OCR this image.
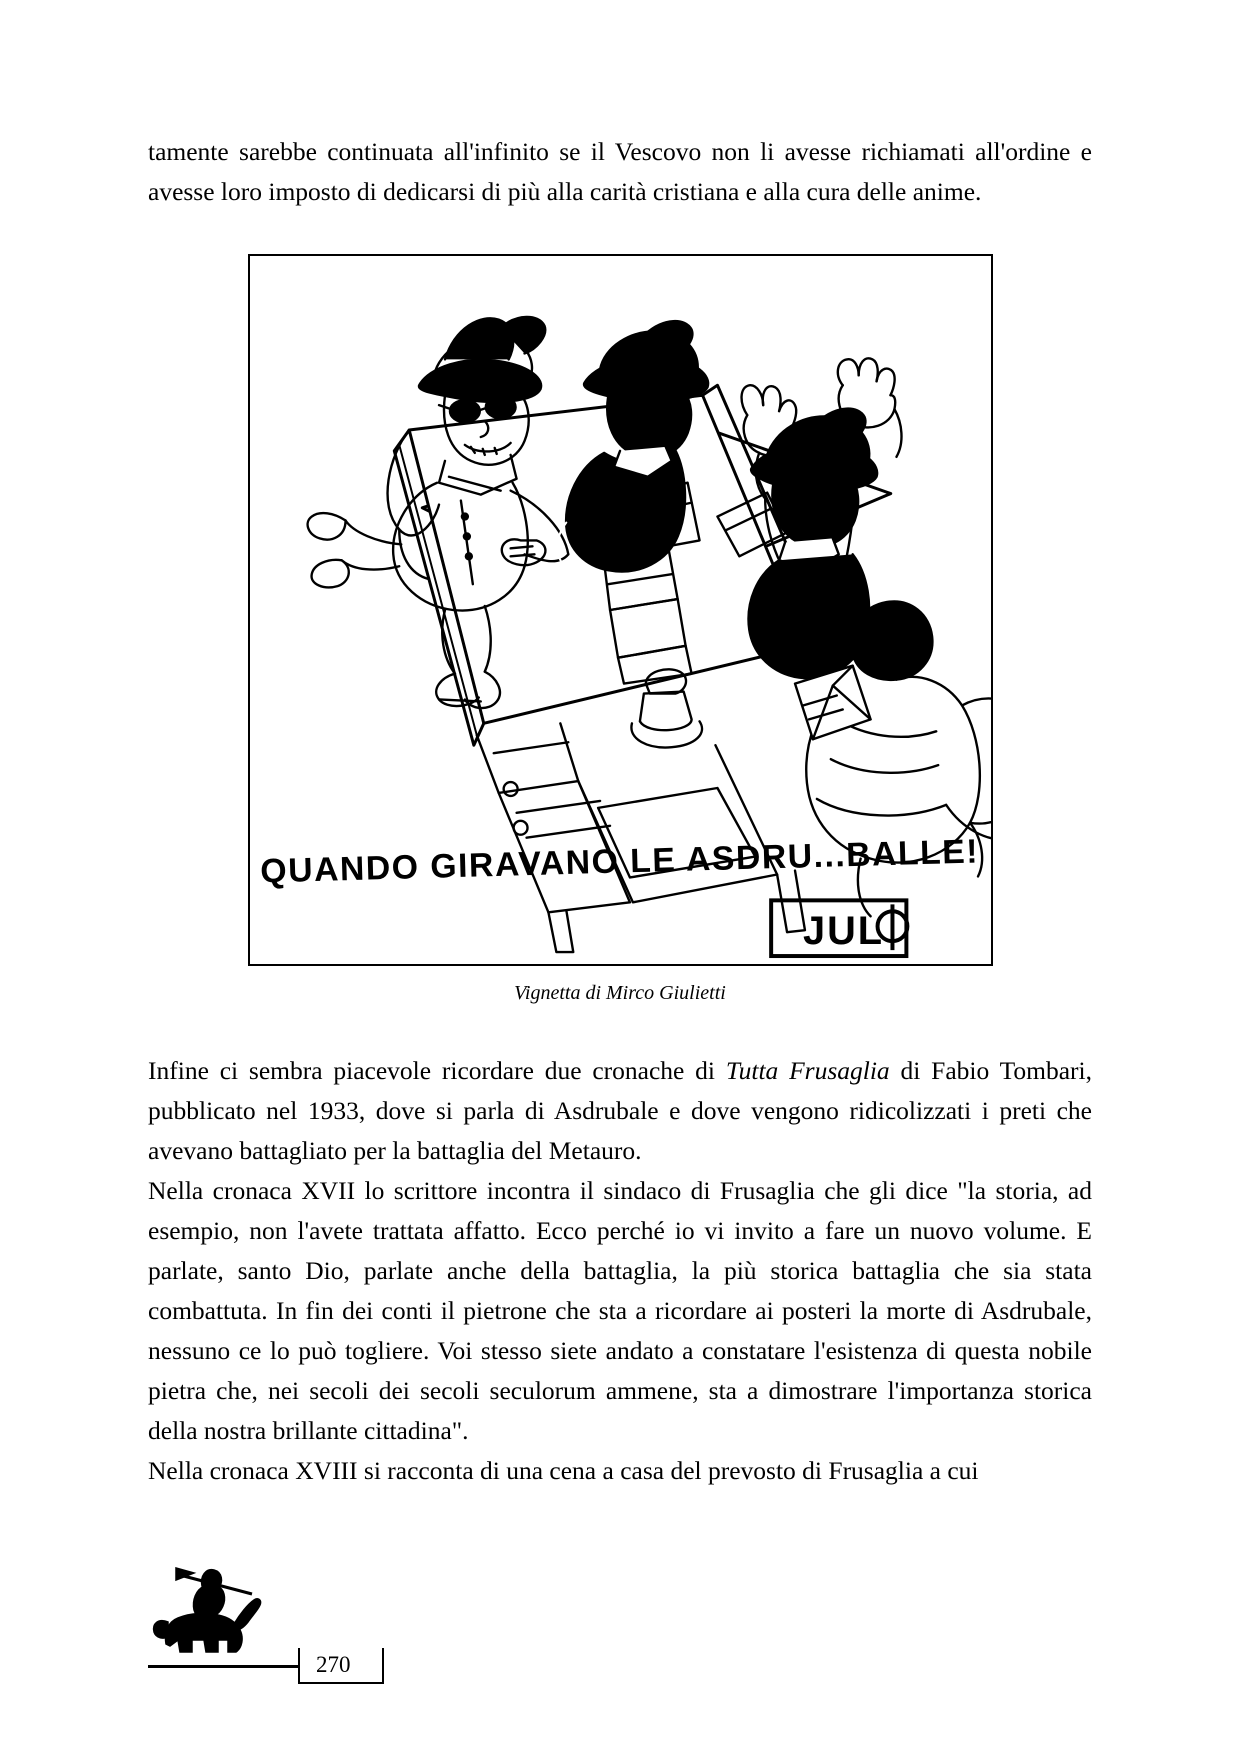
tamente sarebbe continuata all'infinito se il Vescovo non li avesse richiamati all'ordine e avesse loro imposto di dedicarsi di più alla carità cristiana e alla cura delle anime.

QUANDO GIRAVANO LE ASDRU...BALLE!
JUL
Vignetta di Mirco Giulietti

Infine ci sembra piacevole ricordare due cronache di Tutta Frusaglia di Fabio Tombari, pubblicato nel 1933, dove si parla di Asdrubale e dove vengono ridicolizzati i preti che avevano battagliato per la battaglia del Metauro.

Nella cronaca XVII lo scrittore incontra il sindaco di Frusaglia che gli dice "la storia, ad esempio, non l'avete trattata affatto. Ecco perché io vi invito a fare un nuovo volume. E parlate, santo Dio, parlate anche della battaglia, la più storica battaglia che sia stata combattuta. In fin dei conti il pietrone che sta a ricordare ai posteri la morte di Asdrubale, nessuno ce lo può togliere. Voi stesso siete andato a constatare l'esistenza di questa nobile pietra che, nei secoli dei secoli seculorum ammene, sta a dimostrare l'importanza storica della nostra brillante cittadina".

Nella cronaca XVIII si racconta di una cena a casa del prevosto di Frusaglia a cui

270
